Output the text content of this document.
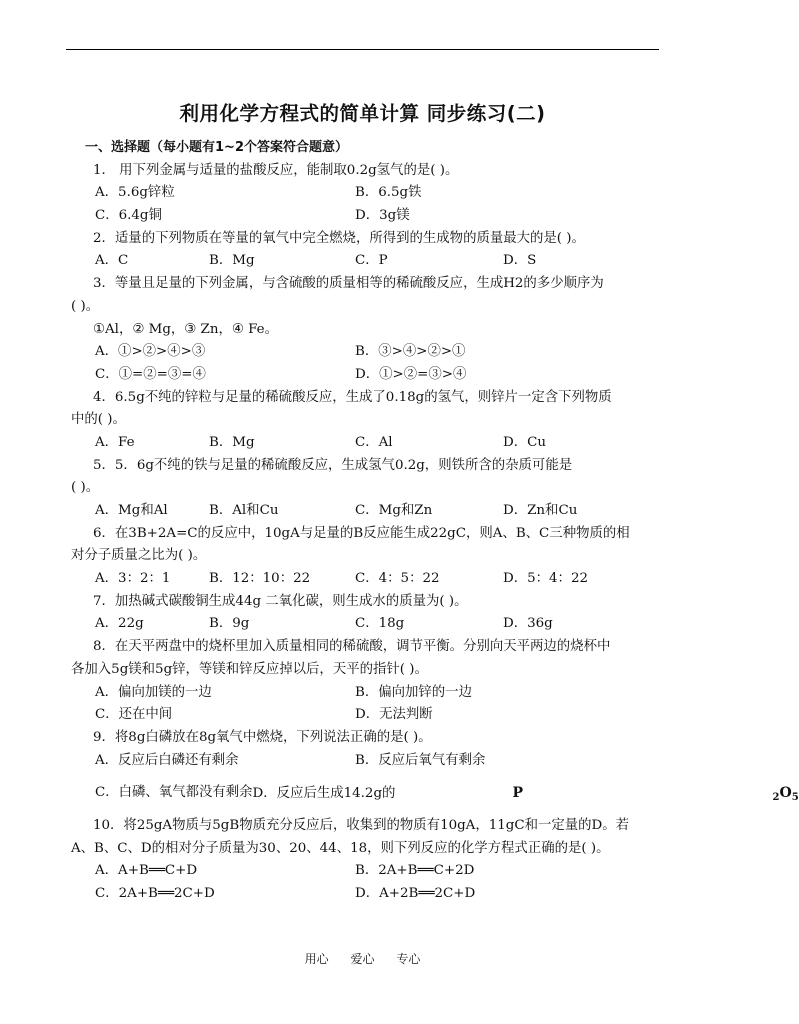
利用化学方程式的简单计算 同步练习(二)
一、选择题（每小题有1~2个答案符合题意）
1． 用下列金属与适量的盐酸反应，能制取0.2g氢气的是( )。
A．5.6g锌粒	B．6.5g铁
C．6.4g铜	D．3g镁
2．适量的下列物质在等量的氧气中完全燃烧，所得到的生成物的质量最大的是( )。
A．C	B．Mg	C．P	D．S
3．等量且足量的下列金属，与含硫酸的质量相等的稀硫酸反应，生成H2的多少顺序为
( )。
①Al，② Mg，③ Zn，④ Fe。
A．①>②>④>③	B．③>④>②>①
C．①=②=③=④	D．①>②=③>④
4．6.5g不纯的锌粒与足量的稀硫酸反应，生成了0.18g的氢气，则锌片一定含下列物质
中的( )。
A．Fe	B．Mg	C．Al	D．Cu
5．5．6g不纯的铁与足量的稀硫酸反应，生成氢气0.2g，则铁所含的杂质可能是
( )。
A．Mg和Al	B．Al和Cu	C．Mg和Zn	D．Zn和Cu
6．在3B+2A=C的反应中，10gA与足量的B反应能生成22gC，则A、B、C三种物质的相
对分子质量之比为( )。
A．3：2：1	B．12：10：22	C．4：5：22	D．5：4：22
7．加热碱式碳酸铜生成44g 二氧化碳，则生成水的质量为( )。
A．22g	B．9g	C．18g	D．36g
8．在天平两盘中的烧杯里加入质量相同的稀硫酸，调节平衡。分别向天平两边的烧杯中
各加入5g镁和5g锌，等镁和锌反应掉以后，天平的指针( )。
A．偏向加镁的一边	B．偏向加锌的一边
C．还在中间	D．无法判断
9．将8g白磷放在8g氧气中燃烧，下列说法正确的是( )。
A．反应后白磷还有剩余	B．反应后氧气有剩余
C．白磷、氧气都没有剩余 D．反应后生成14.2g的	P	$_2O_5$
10．将25gA物质与5gB物质充分反应后，收集到的物质有10gA，11gC和一定量的D。若
A、B、C、D的相对分子质量为30、20、44、18，则下列反应的化学方程式正确的是( )。
A．A+B══C+D	B．2A+B══C+2D
C．2A+B══2C+D	D．A+2B══2C+D
用心 爱心 专心
